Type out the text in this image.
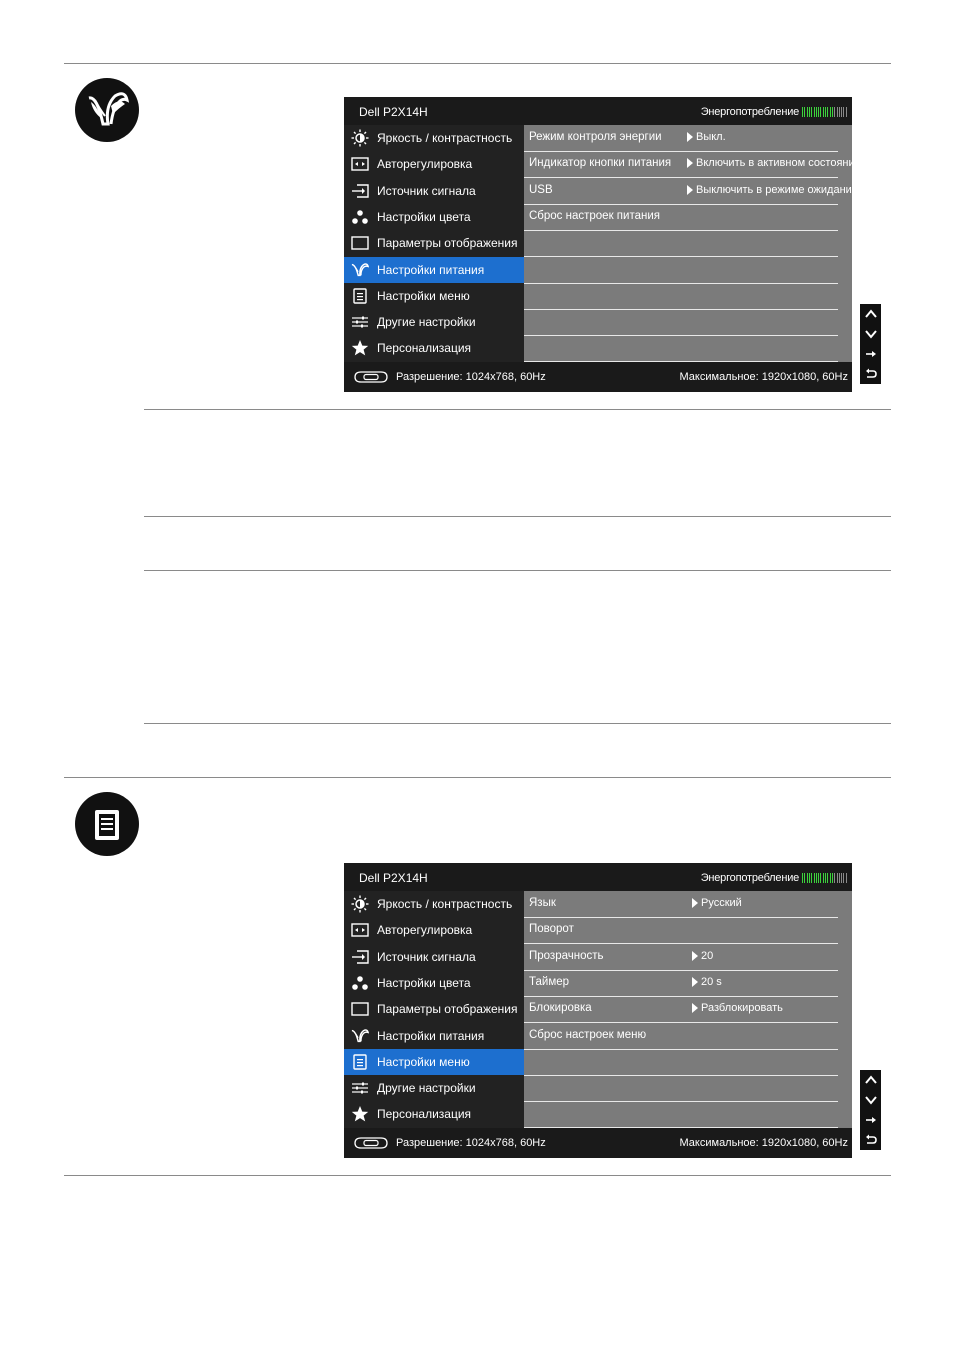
Dell P2X14H	Энергопотребление
Яркость / контрастность
Авторегулировка
Источник сигнала
Настройки цвета
Параметры отображения
Настройки питания
Настройки меню
Другие настройки
Персонализация
Режим контроля энергии	Выкл.
Индикатор кнопки питания Включить в активном состоянии
USB	Выключить в режиме ожидания
Сброс настроек питания
Разрешение: 1024x768, 60Hz	Максимальное: 1920x1080, 60Hz
Dell P2X14H	Энергопотребление
Яркость / контрастность
Авторегулировка
Источник сигнала
Настройки цвета
Параметры отображения
Настройки питания
Настройки меню
Другие настройки
Персонализация
Язык	Русский
Поворот
Прозрачность	20
Таймер	20 s
Блокировка	Разблокировать
Сброс настроек меню
Разрешение: 1024x768, 60Hz	Максимальное: 1920x1080, 60Hz
